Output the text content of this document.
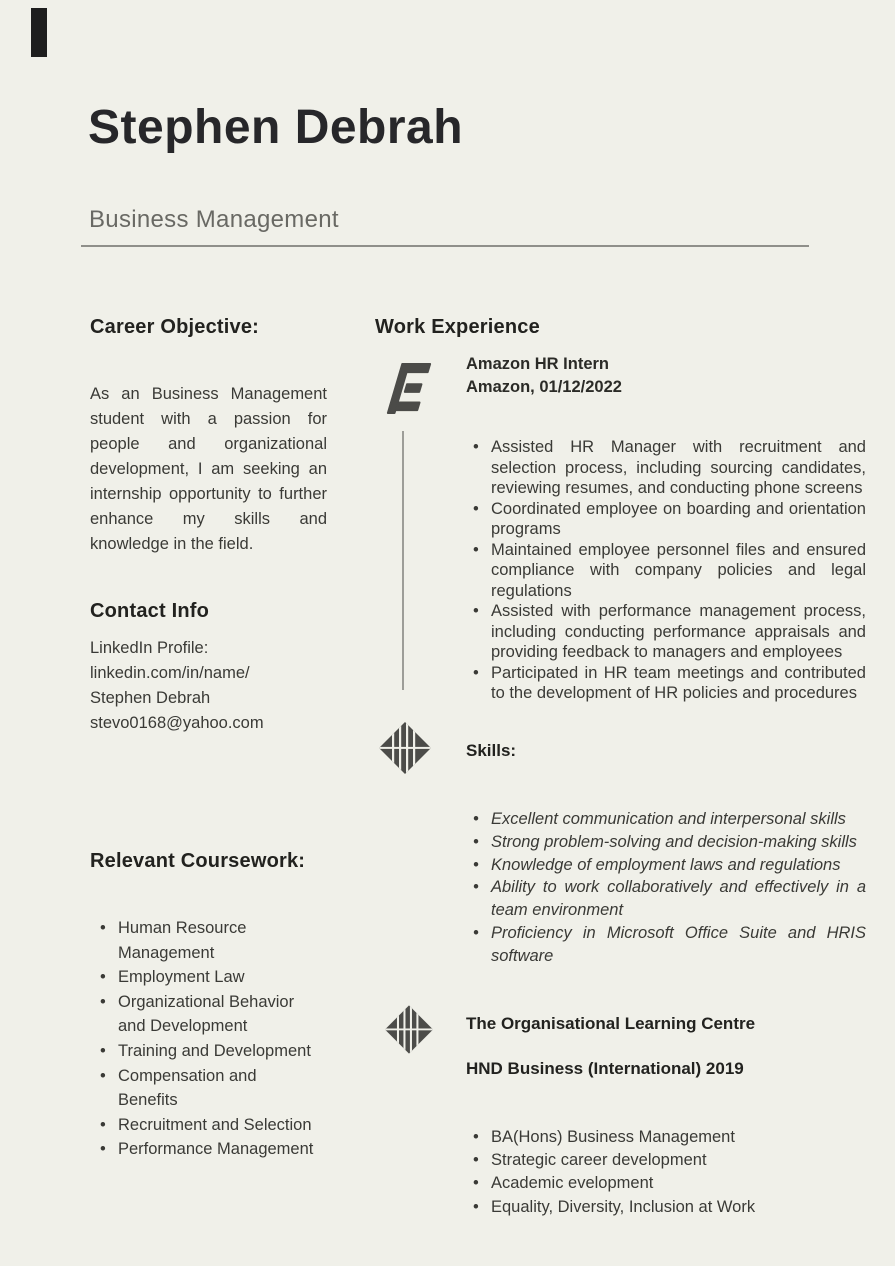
Stephen Debrah
Business Management
Career Objective:
As an Business Management student with a passion for people and organizational development, I am seeking an internship opportunity to further enhance my skills and knowledge in the field.
Contact Info
LinkedIn Profile:
linkedin.com/in/name/
Stephen Debrah
stevo0168@yahoo.com
Relevant Coursework:
• Human Resource Management
• Employment Law
• Organizational Behavior and Development
• Training and Development
• Compensation and Benefits
• Recruitment and Selection
• Performance Management
Work Experience
Amazon HR Intern
Amazon, 01/12/2022
• Assisted HR Manager with recruitment and selection process, including sourcing candidates, reviewing resumes, and conducting phone screens
• Coordinated employee on boarding and orientation programs
• Maintained employee personnel files and ensured compliance with company policies and legal regulations
• Assisted with performance management process, including conducting performance appraisals and providing feedback to managers and employees
• Participated in HR team meetings and contributed to the development of HR policies and procedures
Skills:
• Excellent communication and interpersonal skills
• Strong problem-solving and decision-making skills
• Knowledge of employment laws and regulations
• Ability to work collaboratively and effectively in a team environment
• Proficiency in Microsoft Office Suite and HRIS software
The Organisational Learning Centre
HND Business (International) 2019
• BA(Hons) Business Management
• Strategic career development
• Academic evelopment
• Equality, Diversity, Inclusion at Work
